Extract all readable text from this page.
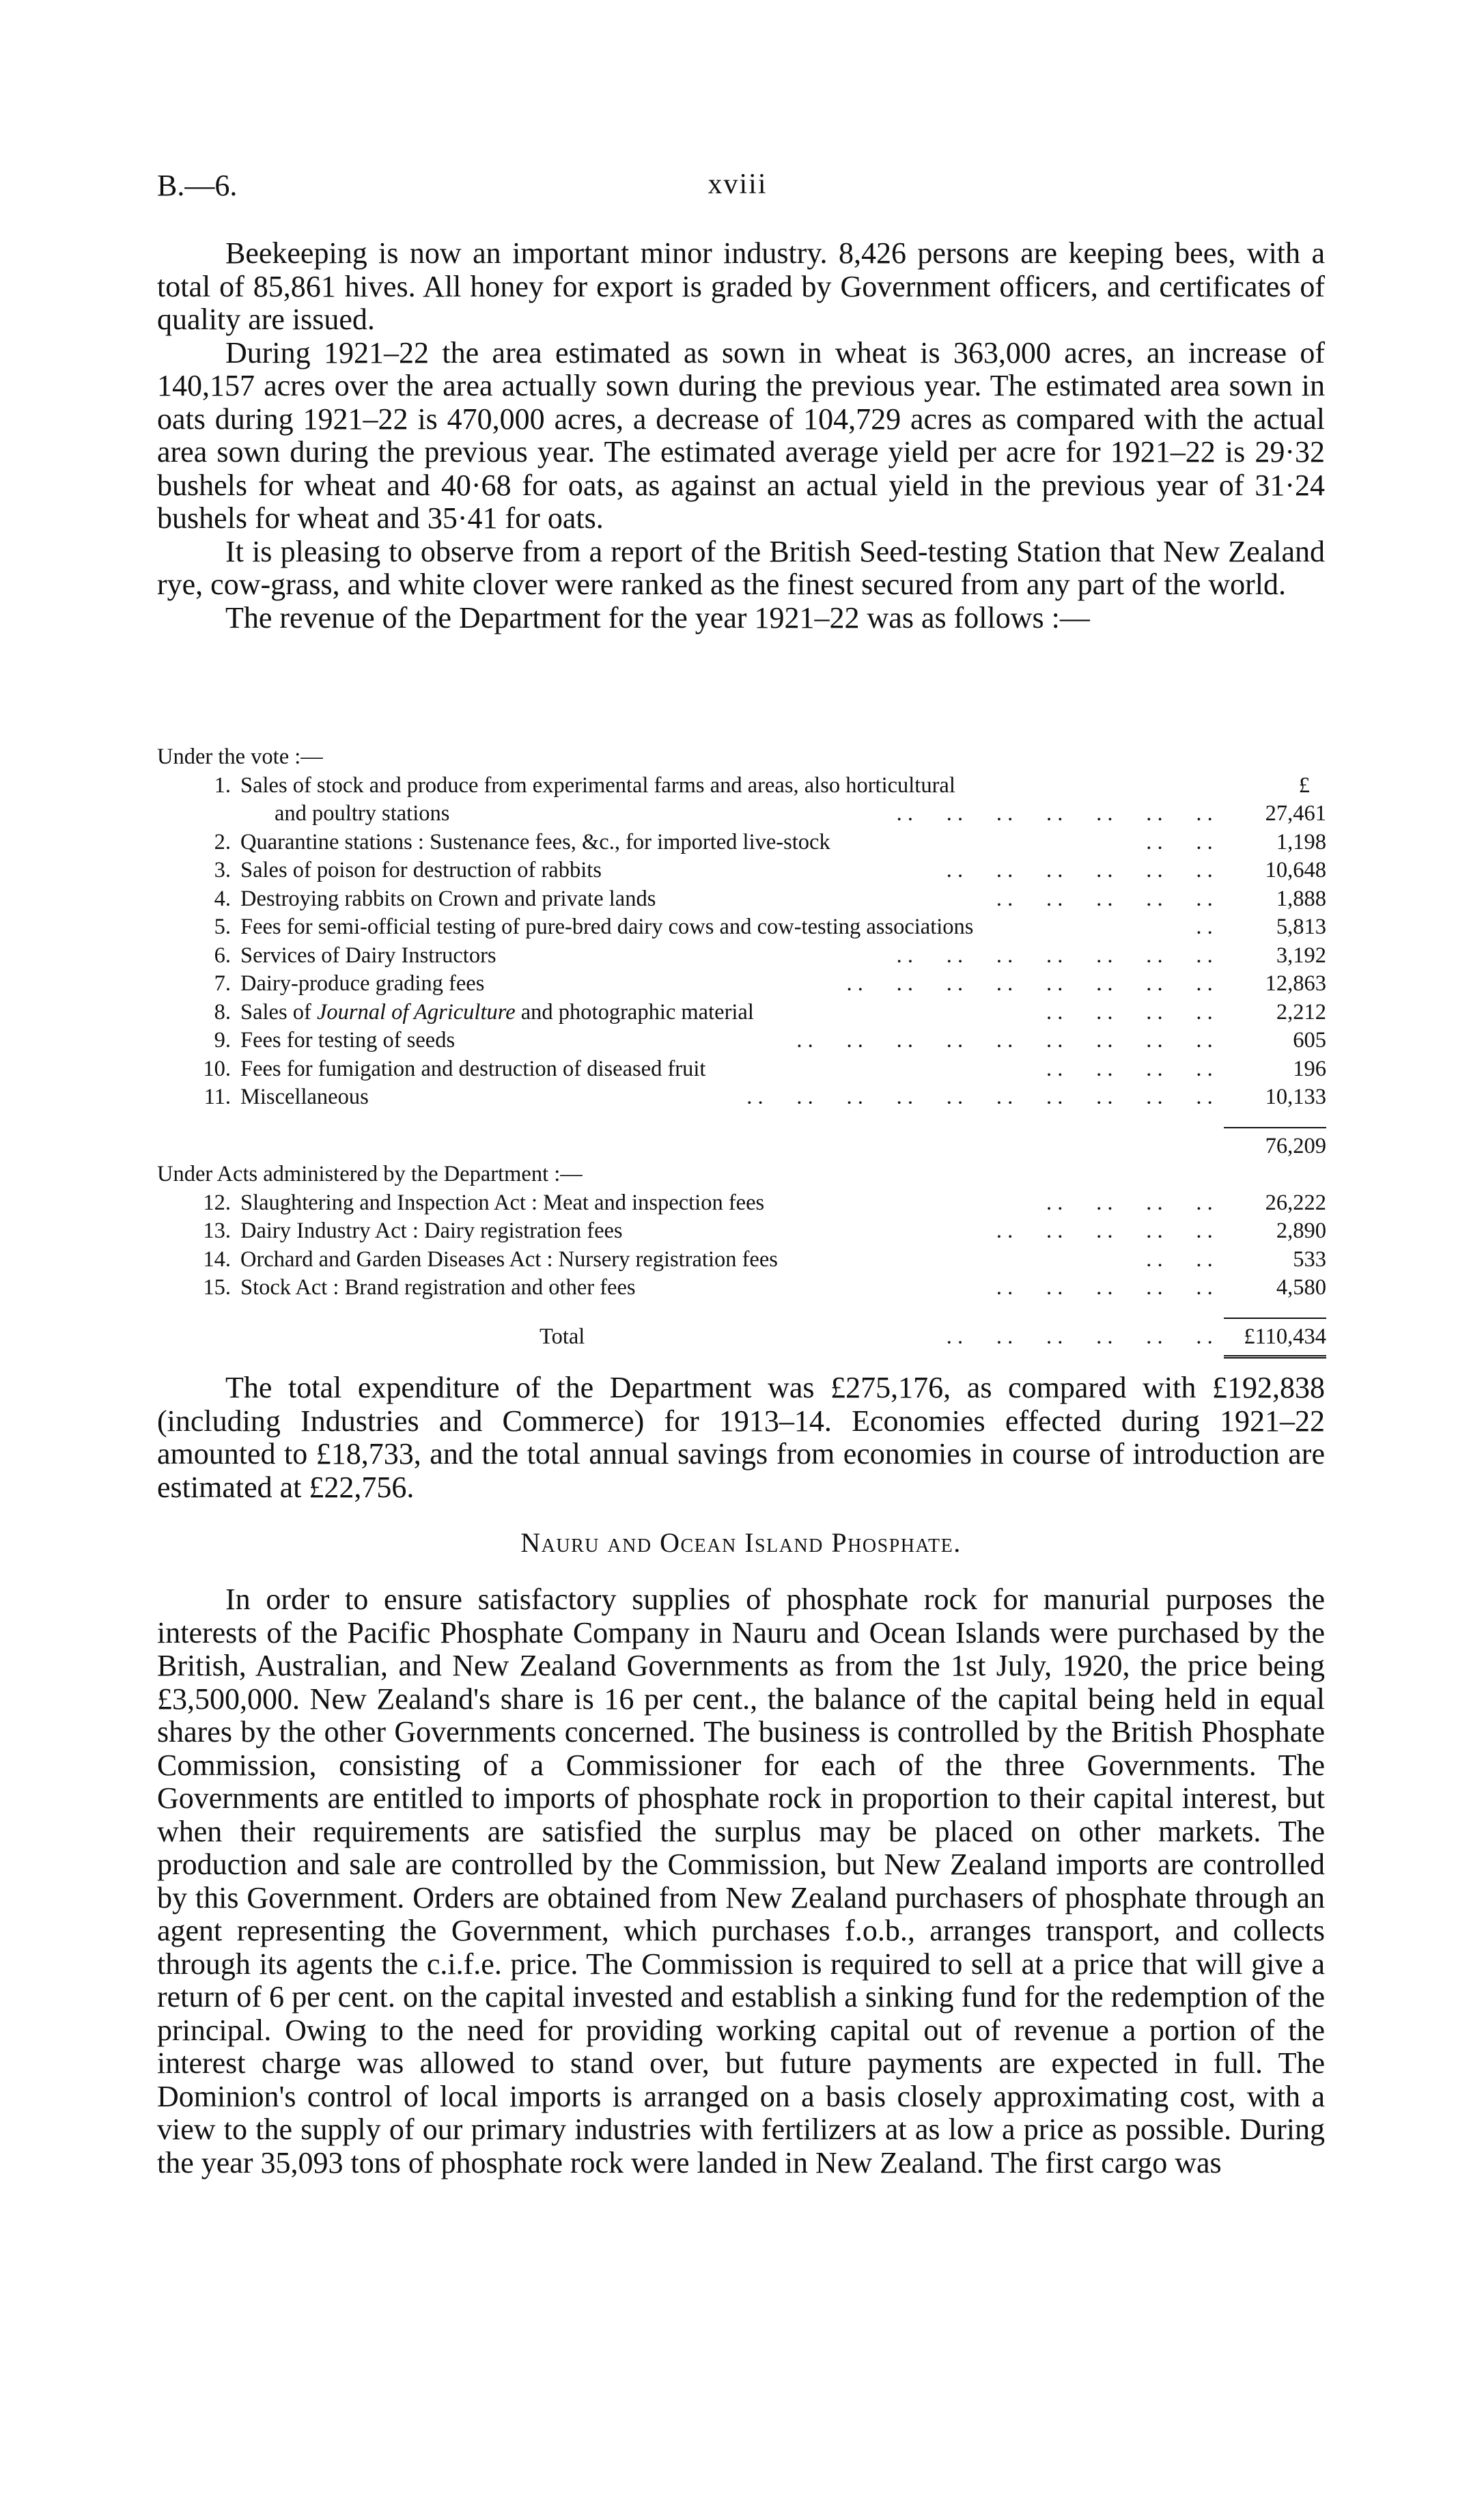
B.—6.	xviii

Beekeeping is now an important minor industry. 8,426 persons are keeping bees, with a total of 85,861 hives. All honey for export is graded by Government officers, and certificates of quality are issued.

During 1921–22 the area estimated as sown in wheat is 363,000 acres, an increase of 140,157 acres over the area actually sown during the previous year. The estimated area sown in oats during 1921–22 is 470,000 acres, a decrease of 104,729 acres as compared with the actual area sown during the previous year. The estimated average yield per acre for 1921–22 is 29·32 bushels for wheat and 40·68 for oats, as against an actual yield in the previous year of 31·24 bushels for wheat and 35·41 for oats.

It is pleasing to observe from a report of the British Seed-testing Station that New Zealand rye, cow-grass, and white clover were ranked as the finest secured from any part of the world.

The revenue of the Department for the year 1921–22 was as follows :—

Under the vote :—
1. Sales of stock and produce from experimental farms and areas, also horticultural	£
. .      . .      . .      . .      . .      . .      . .
and poultry stations	27,461
. .      . .
2. Quarantine stations : Sustenance fees, &c., for imported live-stock	1,198
. .      . .      . .      . .      . .      . .
3. Sales of poison for destruction of rabbits	10,648
. .      . .      . .      . .      . .
4. Destroying rabbits on Crown and private lands	1,888
. .
5. Fees for semi-official testing of pure-bred dairy cows and cow-testing associations	5,813
. .      . .      . .      . .      . .      . .      . .
6. Services of Dairy Instructors	3,192
. .      . .      . .      . .      . .      . .      . .      . .
7. Dairy-produce grading fees	12,863
. .      . .      . .      . .
8. Sales of Journal of Agriculture and photographic material	2,212
. .      . .      . .      . .      . .      . .      . .      . .      . .
9. Fees for testing of seeds	605
. .      . .      . .      . .
10. Fees for fumigation and destruction of diseased fruit	196
. .      . .      . .      . .      . .      . .      . .      . .      . .      . .
11. Miscellaneous	10,133
76,209
Under Acts administered by the Department :—
. .      . .      . .      . .
12. Slaughtering and Inspection Act : Meat and inspection fees	26,222
. .      . .      . .      . .      . .
13. Dairy Industry Act : Dairy registration fees	2,890
. .      . .
14. Orchard and Garden Diseases Act : Nursery registration fees	533
. .      . .      . .      . .      . .
15. Stock Act : Brand registration and other fees	4,580
. .      . .      . .      . .      . .      . .
Total	£110,434

The total expenditure of the Department was £275,176, as compared with £192,838 (including Industries and Commerce) for 1913–14. Economies effected during 1921–22 amounted to £18,733, and the total annual savings from economies in course of introduction are estimated at £22,756.

Nauru and Ocean Island Phosphate.

In order to ensure satisfactory supplies of phosphate rock for manurial purposes the interests of the Pacific Phosphate Company in Nauru and Ocean Islands were purchased by the British, Australian, and New Zealand Governments as from the 1st July, 1920, the price being £3,500,000. New Zealand's share is 16 per cent., the balance of the capital being held in equal shares by the other Governments concerned. The business is controlled by the British Phosphate Commission, consisting of a Commissioner for each of the three Governments. The Governments are entitled to imports of phosphate rock in proportion to their capital interest, but when their requirements are satisfied the surplus may be placed on other markets. The production and sale are controlled by the Commission, but New Zealand imports are controlled by this Government. Orders are obtained from New Zealand purchasers of phosphate through an agent representing the Government, which purchases f.o.b., arranges transport, and collects through its agents the c.i.f.e. price. The Commission is required to sell at a price that will give a return of 6 per cent. on the capital invested and establish a sinking fund for the redemption of the principal. Owing to the need for providing working capital out of revenue a portion of the interest charge was allowed to stand over, but future payments are expected in full. The Dominion's control of local imports is arranged on a basis closely approximating cost, with a view to the supply of our primary industries with fertilizers at as low a price as possible. During the year 35,093 tons of phosphate rock were landed in New Zealand. The first cargo was
